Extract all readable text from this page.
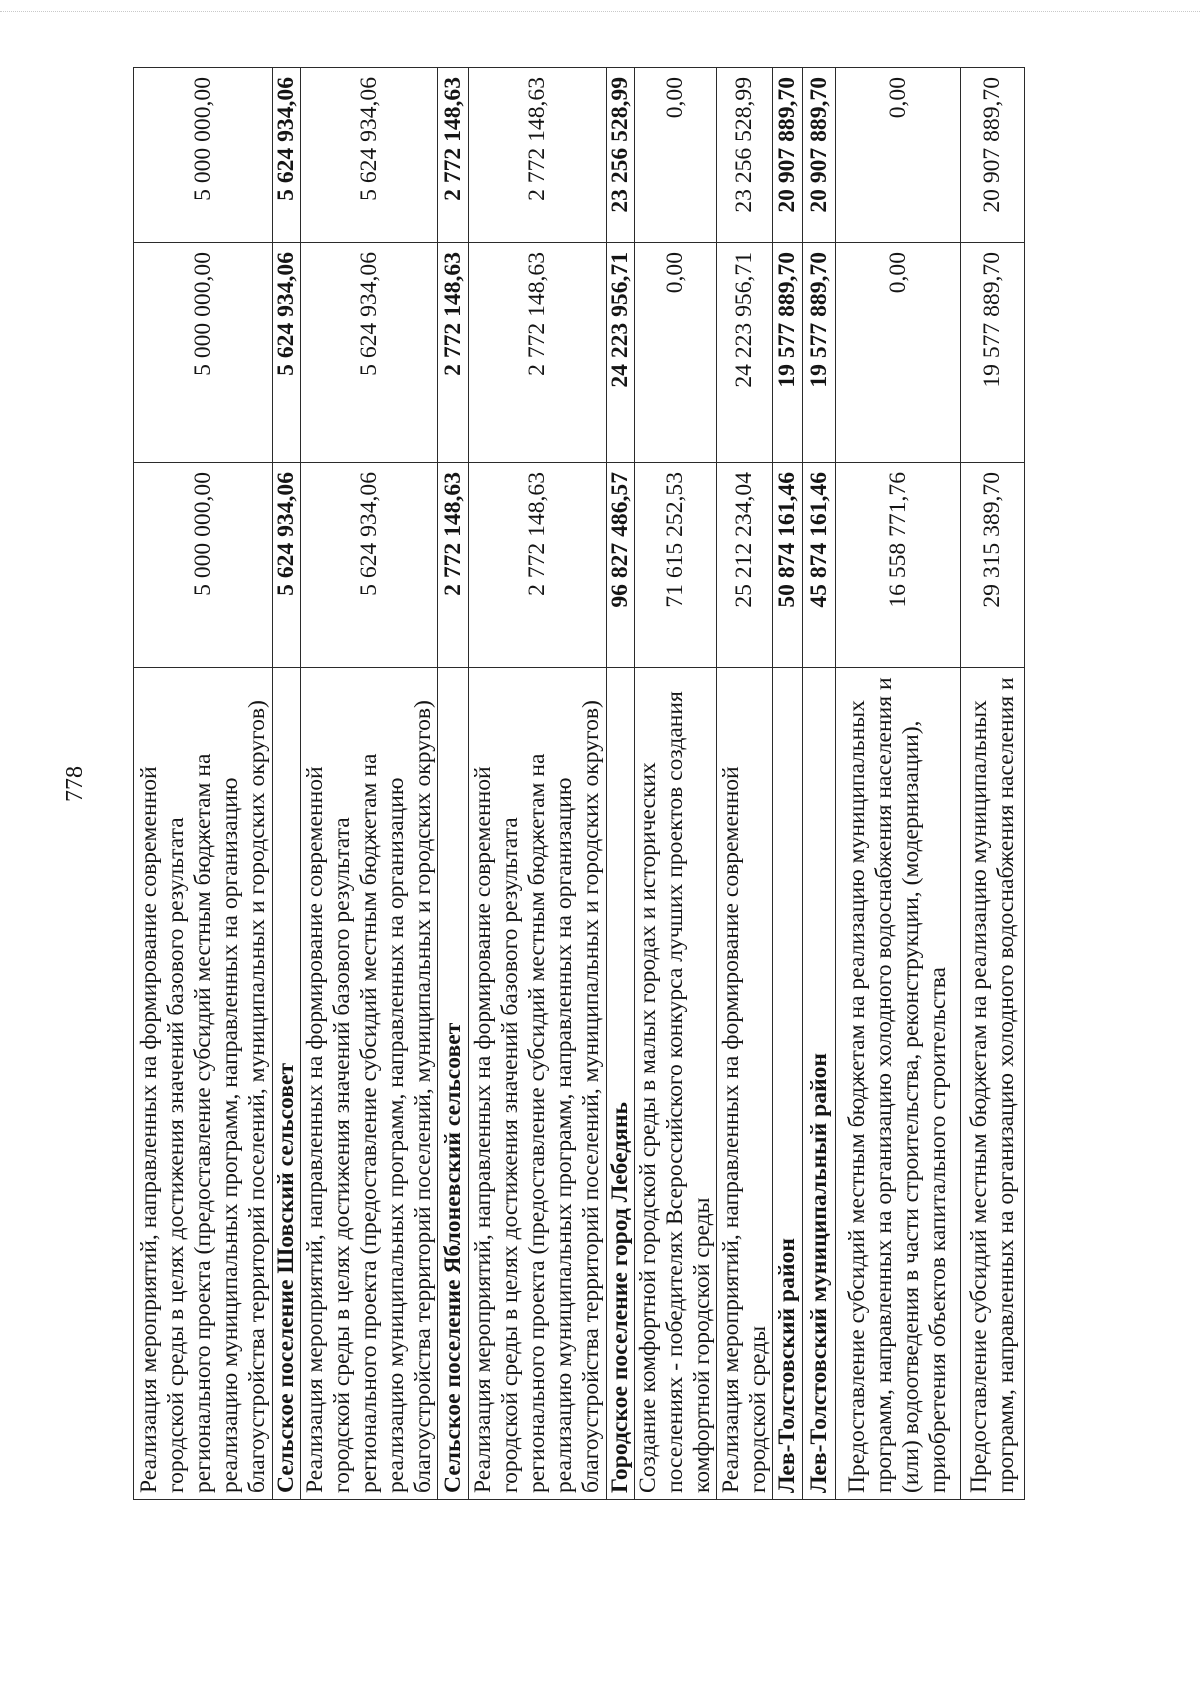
778
Реализация мероприятий, направленных на формирование современной
городской среды в целях достижения значений базового результата
регионального проекта (предоставление субсидий местным бюджетам на
реализацию муниципальных программ, направленных на организацию
благоустройства территорий поселений, муниципальных и городских округов)	5 000 000,00	5 000 000,00	5 000 000,00
Сельское поселение Шовский сельсовет	5 624 934,06	5 624 934,06	5 624 934,06
Реализация мероприятий, направленных на формирование современной
городской среды в целях достижения значений базового результата
регионального проекта (предоставление субсидий местным бюджетам на
реализацию муниципальных программ, направленных на организацию
благоустройства территорий поселений, муниципальных и городских округов)	5 624 934,06	5 624 934,06	5 624 934,06
Сельское поселение Яблоневский сельсовет	2 772 148,63	2 772 148,63	2 772 148,63
Реализация мероприятий, направленных на формирование современной
городской среды в целях достижения значений базового результата
регионального проекта (предоставление субсидий местным бюджетам на
реализацию муниципальных программ, направленных на организацию
благоустройства территорий поселений, муниципальных и городских округов)	2 772 148,63	2 772 148,63	2 772 148,63
Городское поселение город Лебедянь	96 827 486,57	24 223 956,71	23 256 528,99
Создание комфортной городской среды в малых городах и исторических
поселениях - победителях Всероссийского конкурса лучших проектов создания
комфортной городской среды	71 615 252,53	0,00	0,00
Реализация мероприятий, направленных на формирование современной
городской среды	25 212 234,04	24 223 956,71	23 256 528,99
Лев-Толстовский район	50 874 161,46	19 577 889,70	20 907 889,70
Лев-Толстовский муниципальный район	45 874 161,46	19 577 889,70	20 907 889,70
Предоставление субсидий местным бюджетам на реализацию муниципальных
программ, направленных на организацию холодного водоснабжения населения и
(или) водоотведения в части строительства, реконструкции, (модернизации),
приобретения объектов капитального строительства	16 558 771,76	0,00	0,00
Предоставление субсидий местным бюджетам на реализацию муниципальных
программ, направленных на организацию холодного водоснабжения населения и	29 315 389,70	19 577 889,70	20 907 889,70
